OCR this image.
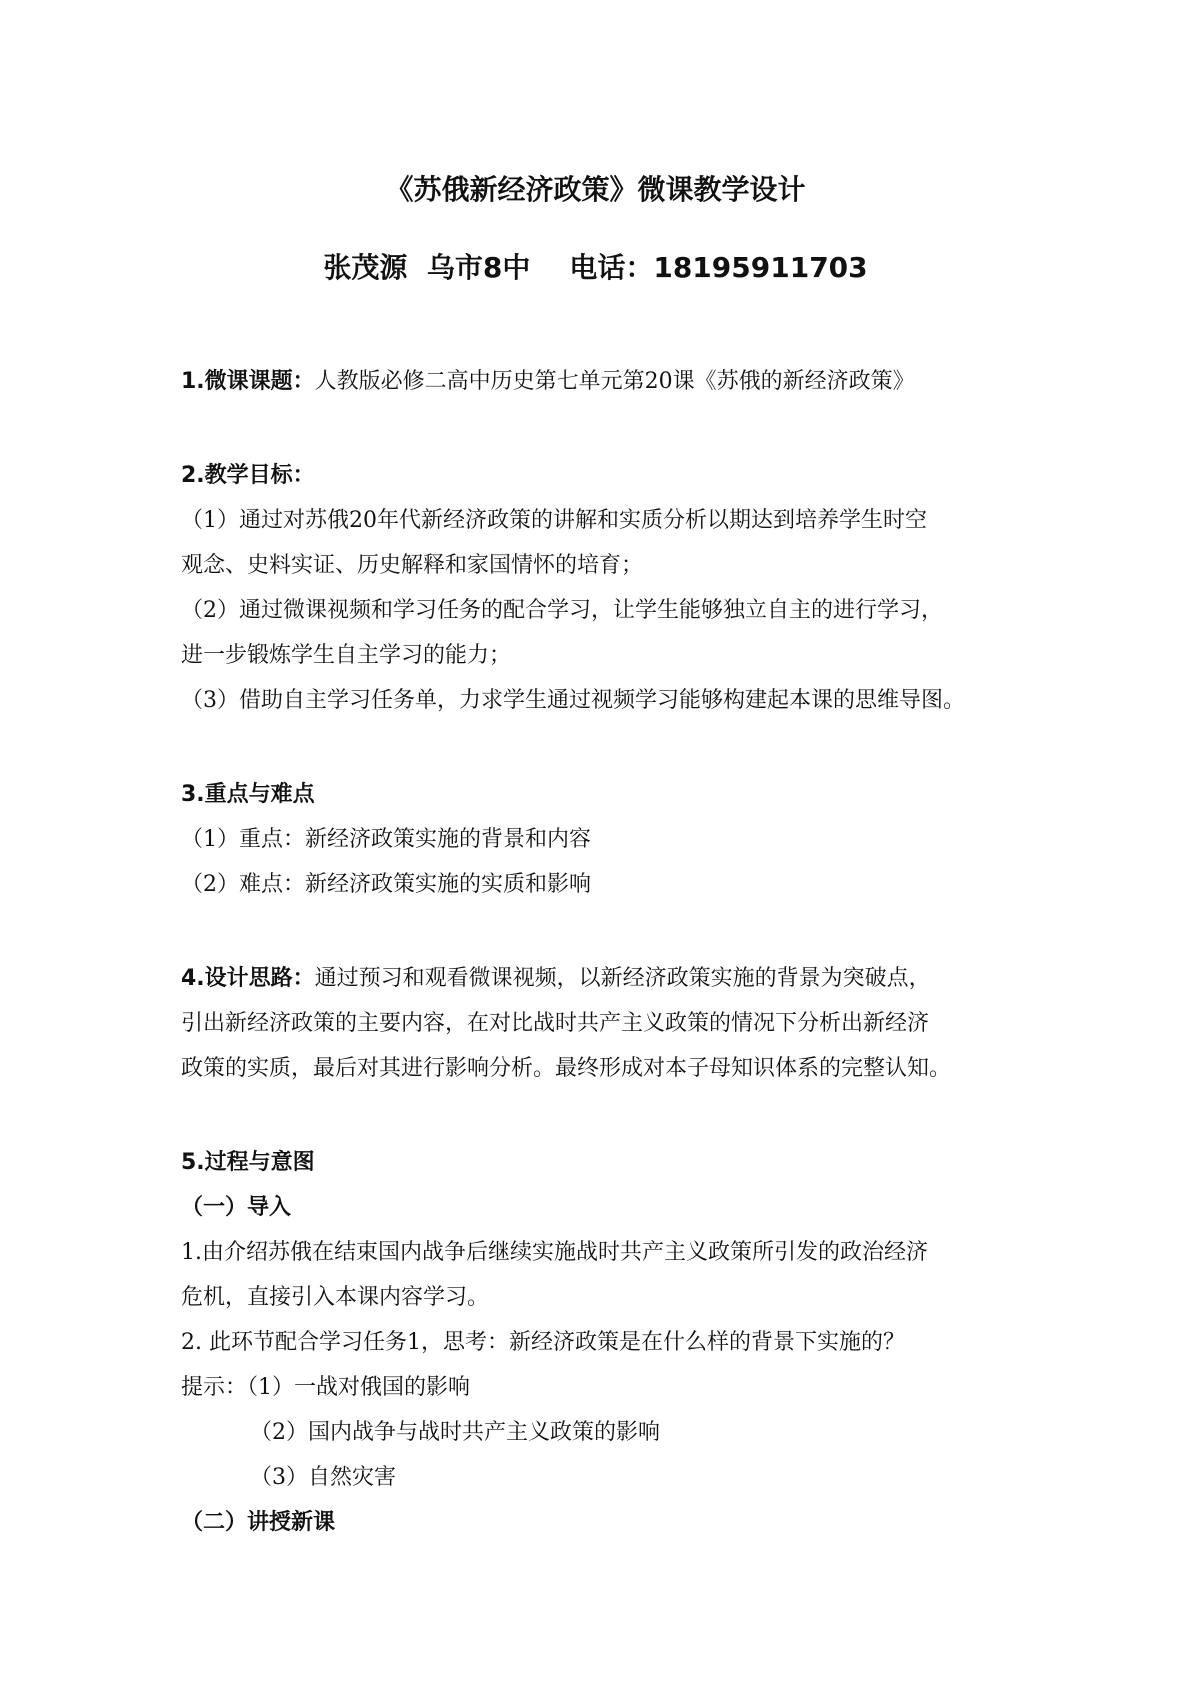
《苏俄新经济政策》微课教学设计
张茂源  乌市8中    电话：18195911703
1.微课课题：人教版必修二高中历史第七单元第20课《苏俄的新经济政策》
2.教学目标：
（1）通过对苏俄20年代新经济政策的讲解和实质分析以期达到培养学生时空
观念、史料实证、历史解释和家国情怀的培育；
（2）通过微课视频和学习任务的配合学习，让学生能够独立自主的进行学习，
进一步锻炼学生自主学习的能力；
（3）借助自主学习任务单，力求学生通过视频学习能够构建起本课的思维导图。
3.重点与难点
（1）重点：新经济政策实施的背景和内容
（2）难点：新经济政策实施的实质和影响
4.设计思路：通过预习和观看微课视频，以新经济政策实施的背景为突破点，
引出新经济政策的主要内容，在对比战时共产主义政策的情况下分析出新经济
政策的实质，最后对其进行影响分析。最终形成对本子母知识体系的完整认知。
5.过程与意图
（一）导入
1.由介绍苏俄在结束国内战争后继续实施战时共产主义政策所引发的政治经济
危机，直接引入本课内容学习。
2. 此环节配合学习任务1，思考：新经济政策是在什么样的背景下实施的？
提示：（1）一战对俄国的影响
（2）国内战争与战时共产主义政策的影响
（3）自然灾害
（二）讲授新课
